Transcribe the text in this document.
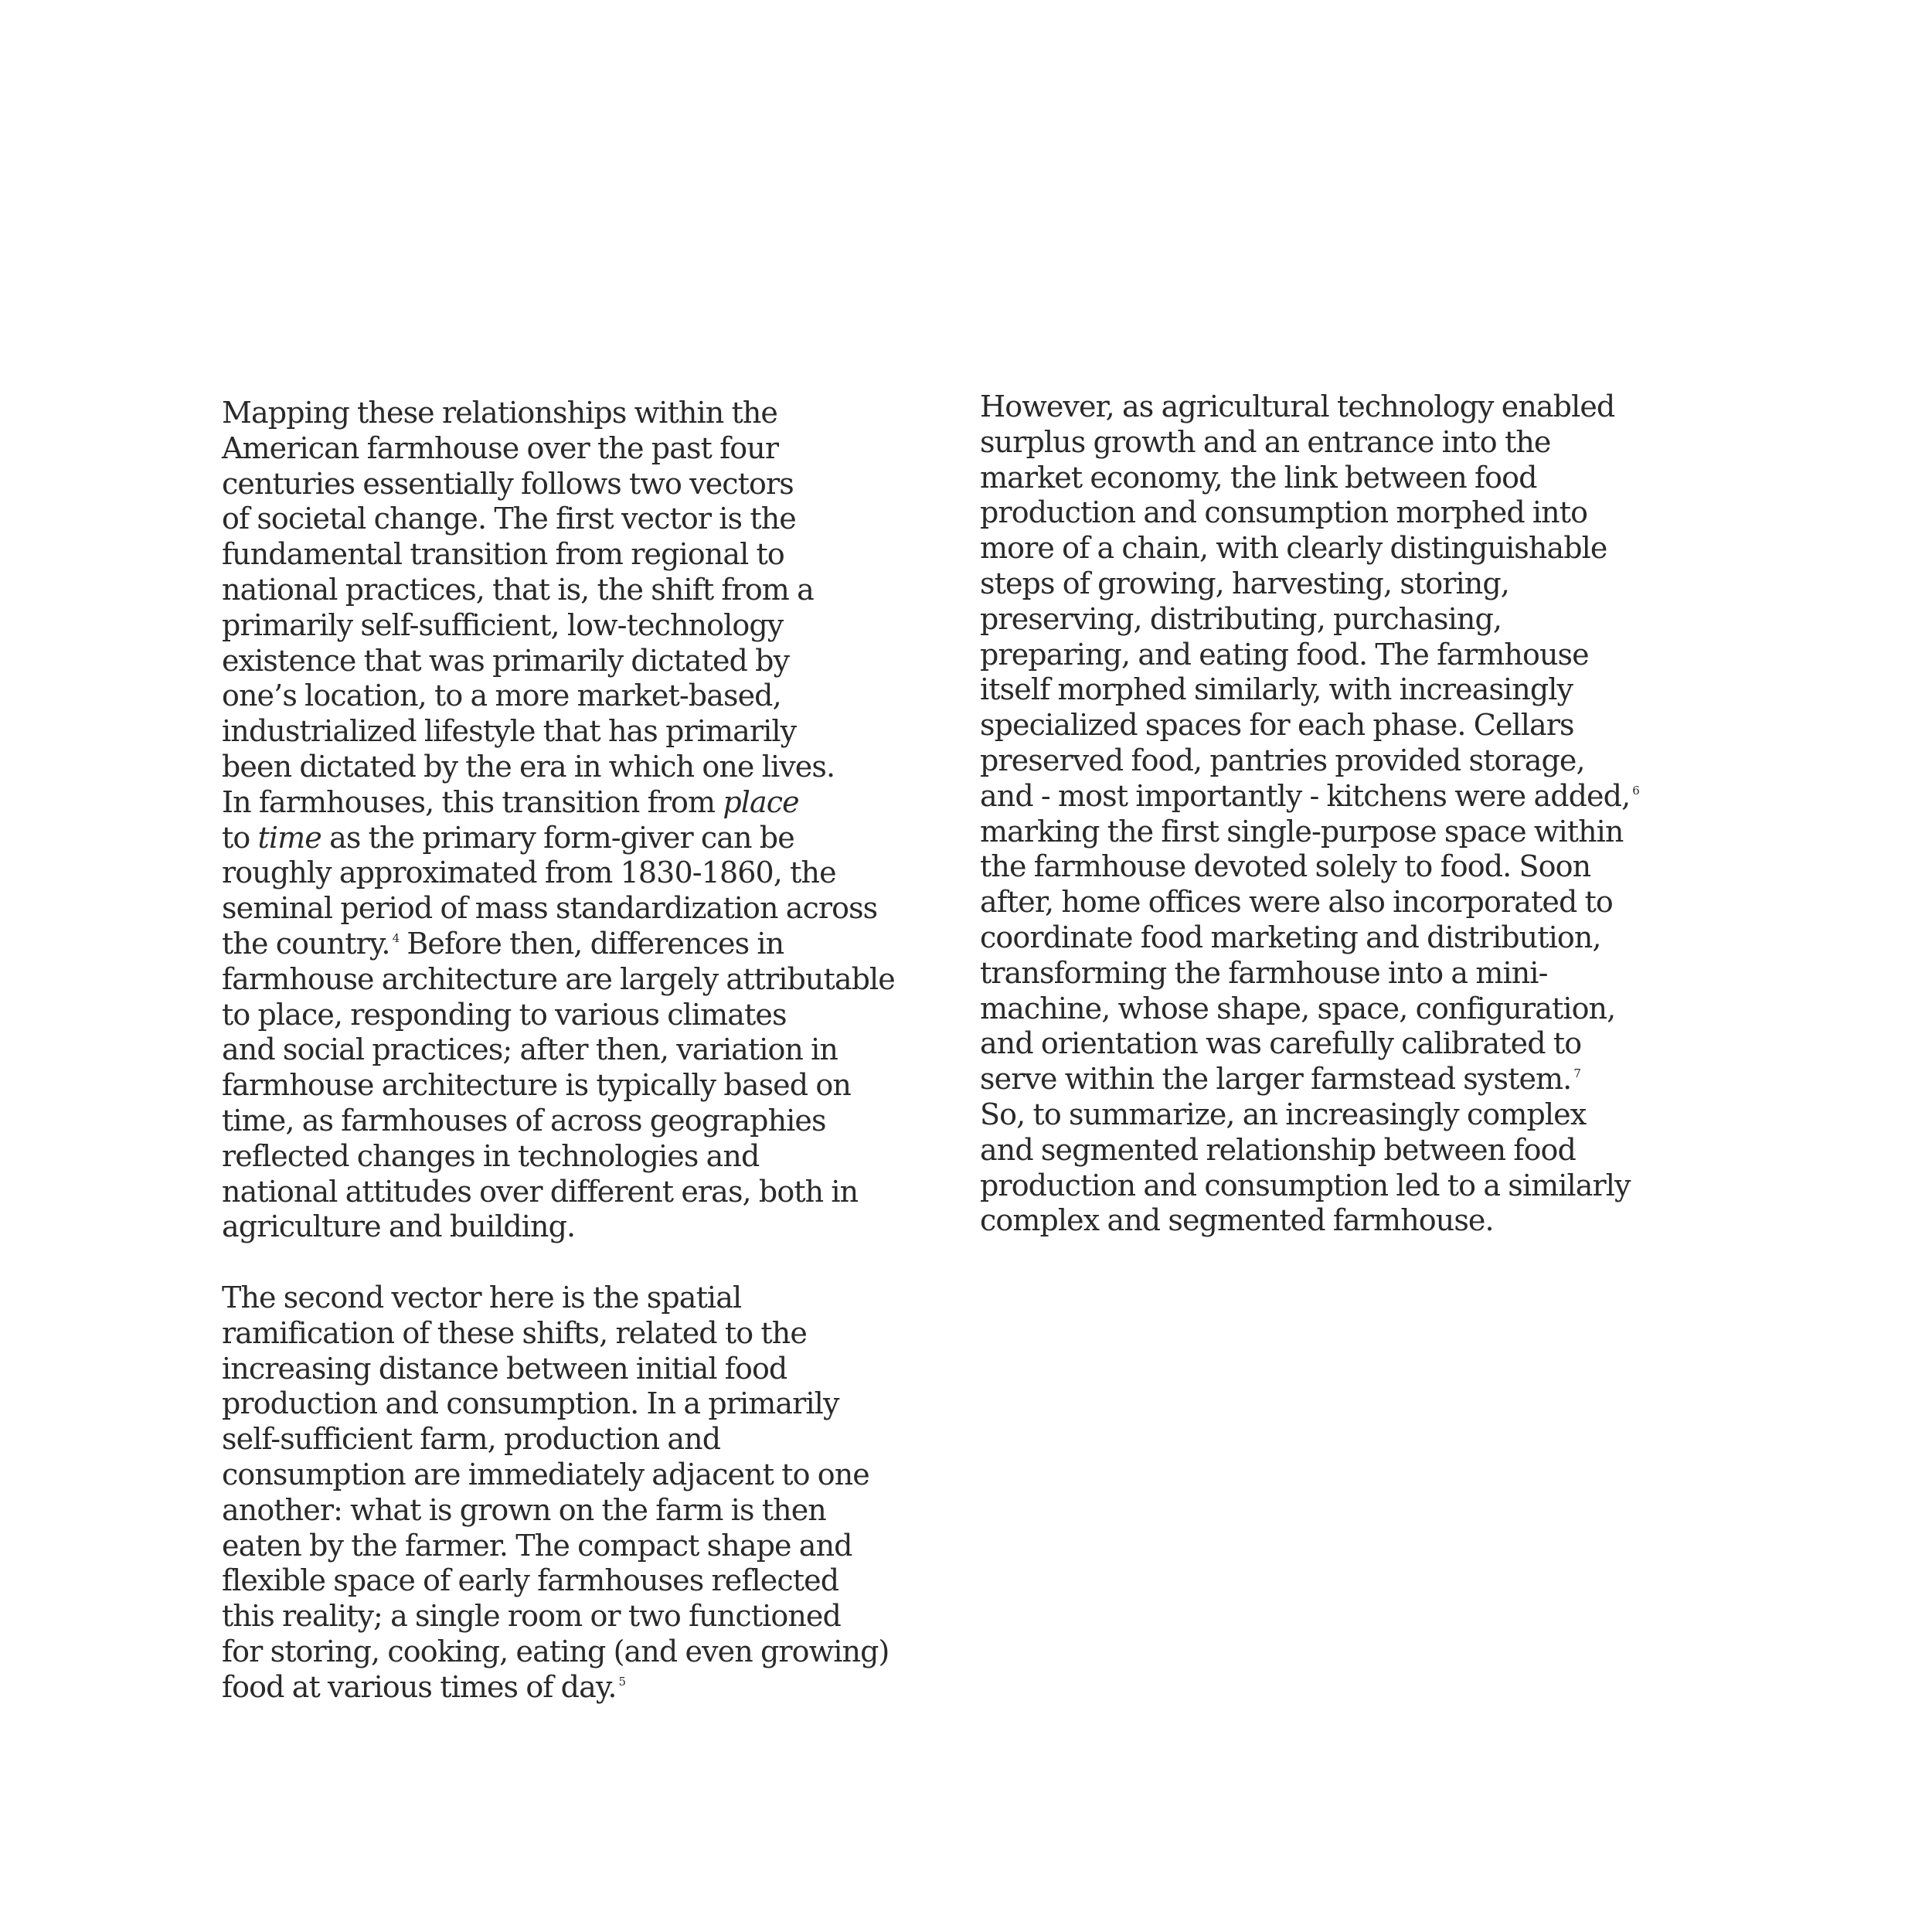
Mapping these relationships within the
American farmhouse over the past four
centuries essentially follows two vectors
of societal change. The first vector is the
fundamental transition from regional to
national practices, that is, the shift from a
primarily self-sufficient, low-technology
existence that was primarily dictated by
one’s location, to a more market-based,
industrialized lifestyle that has primarily
been dictated by the era in which one lives.
In farmhouses, this transition from place
to time as the primary form-giver can be
roughly approximated from 1830-1860, the
seminal period of mass standardization across
the country. $^4$ Before then, differences in
farmhouse architecture are largely attributable
to place, responding to various climates
and social practices; after then, variation in
farmhouse architecture is typically based on
time, as farmhouses of across geographies
reflected changes in technologies and
national attitudes over different eras, both in
agriculture and building.
The second vector here is the spatial
ramification of these shifts, related to the
increasing distance between initial food
production and consumption. In a primarily
self-sufficient farm, production and
consumption are immediately adjacent to one
another: what is grown on the farm is then
eaten by the farmer. The compact shape and
flexible space of early farmhouses reflected
this reality; a single room or two functioned
for storing, cooking, eating (and even growing)
food at various times of day. $^5$
However, as agricultural technology enabled
surplus growth and an entrance into the
market economy, the link between food
production and consumption morphed into
more of a chain, with clearly distinguishable
steps of growing, harvesting, storing,
preserving, distributing, purchasing,
preparing, and eating food. The farmhouse
itself morphed similarly, with increasingly
specialized spaces for each phase. Cellars
preserved food, pantries provided storage,
and - most importantly - kitchens were added, $^6$
marking the first single-purpose space within
the farmhouse devoted solely to food. Soon
after, home offices were also incorporated to
coordinate food marketing and distribution,
transforming the farmhouse into a mini-
machine, whose shape, space, configuration,
and orientation was carefully calibrated to
serve within the larger farmstead system. $^7$
So, to summarize, an increasingly complex
and segmented relationship between food
production and consumption led to a similarly
complex and segmented farmhouse.
